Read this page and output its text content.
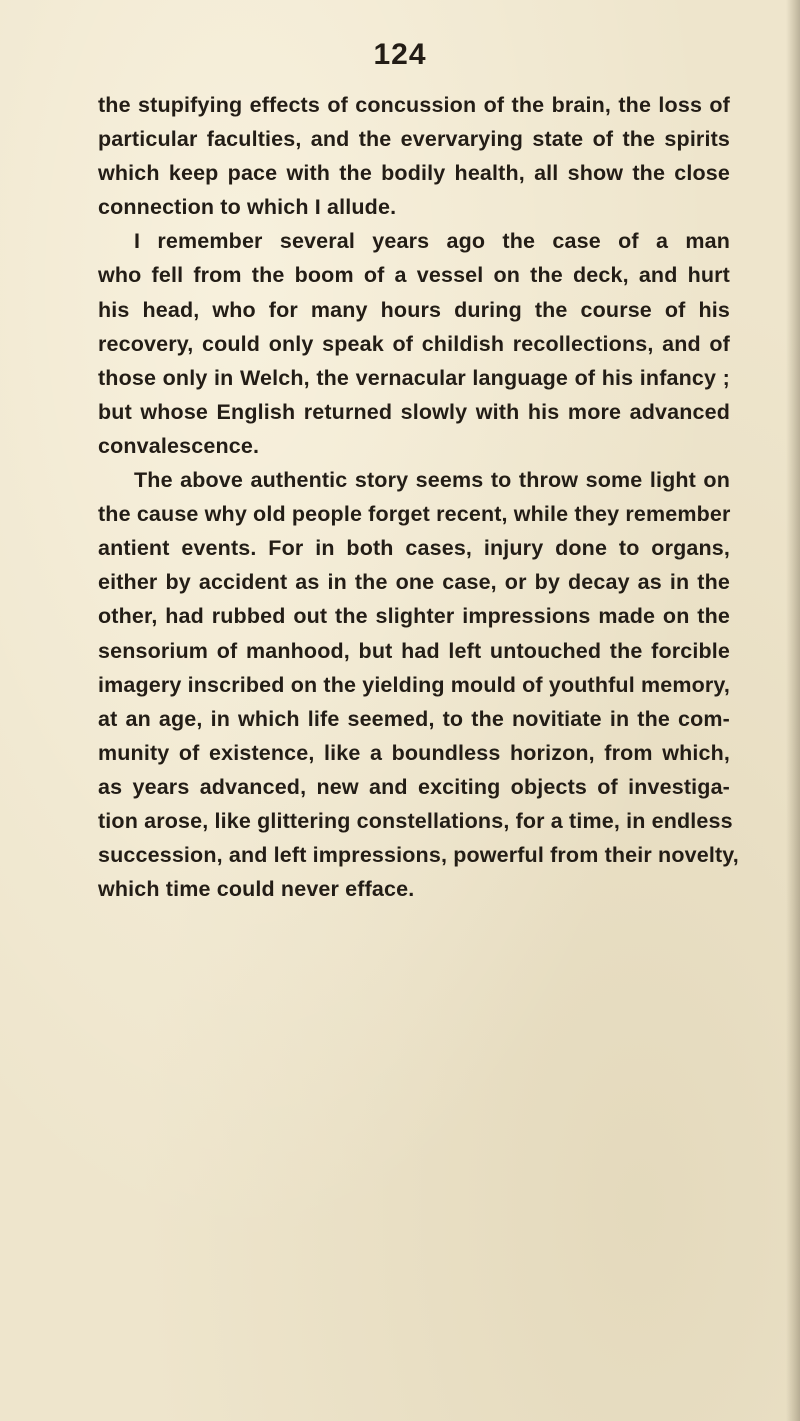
124
the stupifying effects of concussion of the brain, the loss of
particular faculties, and the evervarying state of the spirits
which keep pace with the bodily health, all show the close
connection to which I allude.
I remember several years ago the case of a man
who fell from the boom of a vessel on the deck, and hurt
his head, who for many hours during the course of his
recovery, could only speak of childish recollections, and of
those only in Welch, the vernacular language of his infancy ;
but whose English returned slowly with his more advanced
convalescence.
The above authentic story seems to throw some light on
the cause why old people forget recent, while they remember
antient events. For in both cases, injury done to organs,
either by accident as in the one case, or by decay as in the
other, had rubbed out the slighter impressions made on the
sensorium of manhood, but had left untouched the forcible
imagery inscribed on the yielding mould of youthful memory,
at an age, in which life seemed, to the novitiate in the com-
munity of existence, like a boundless horizon, from which,
as years advanced, new and exciting objects of investiga-
tion arose, like glittering constellations, for a time, in endless
succession, and left impressions, powerful from their novelty,
which time could never efface.
